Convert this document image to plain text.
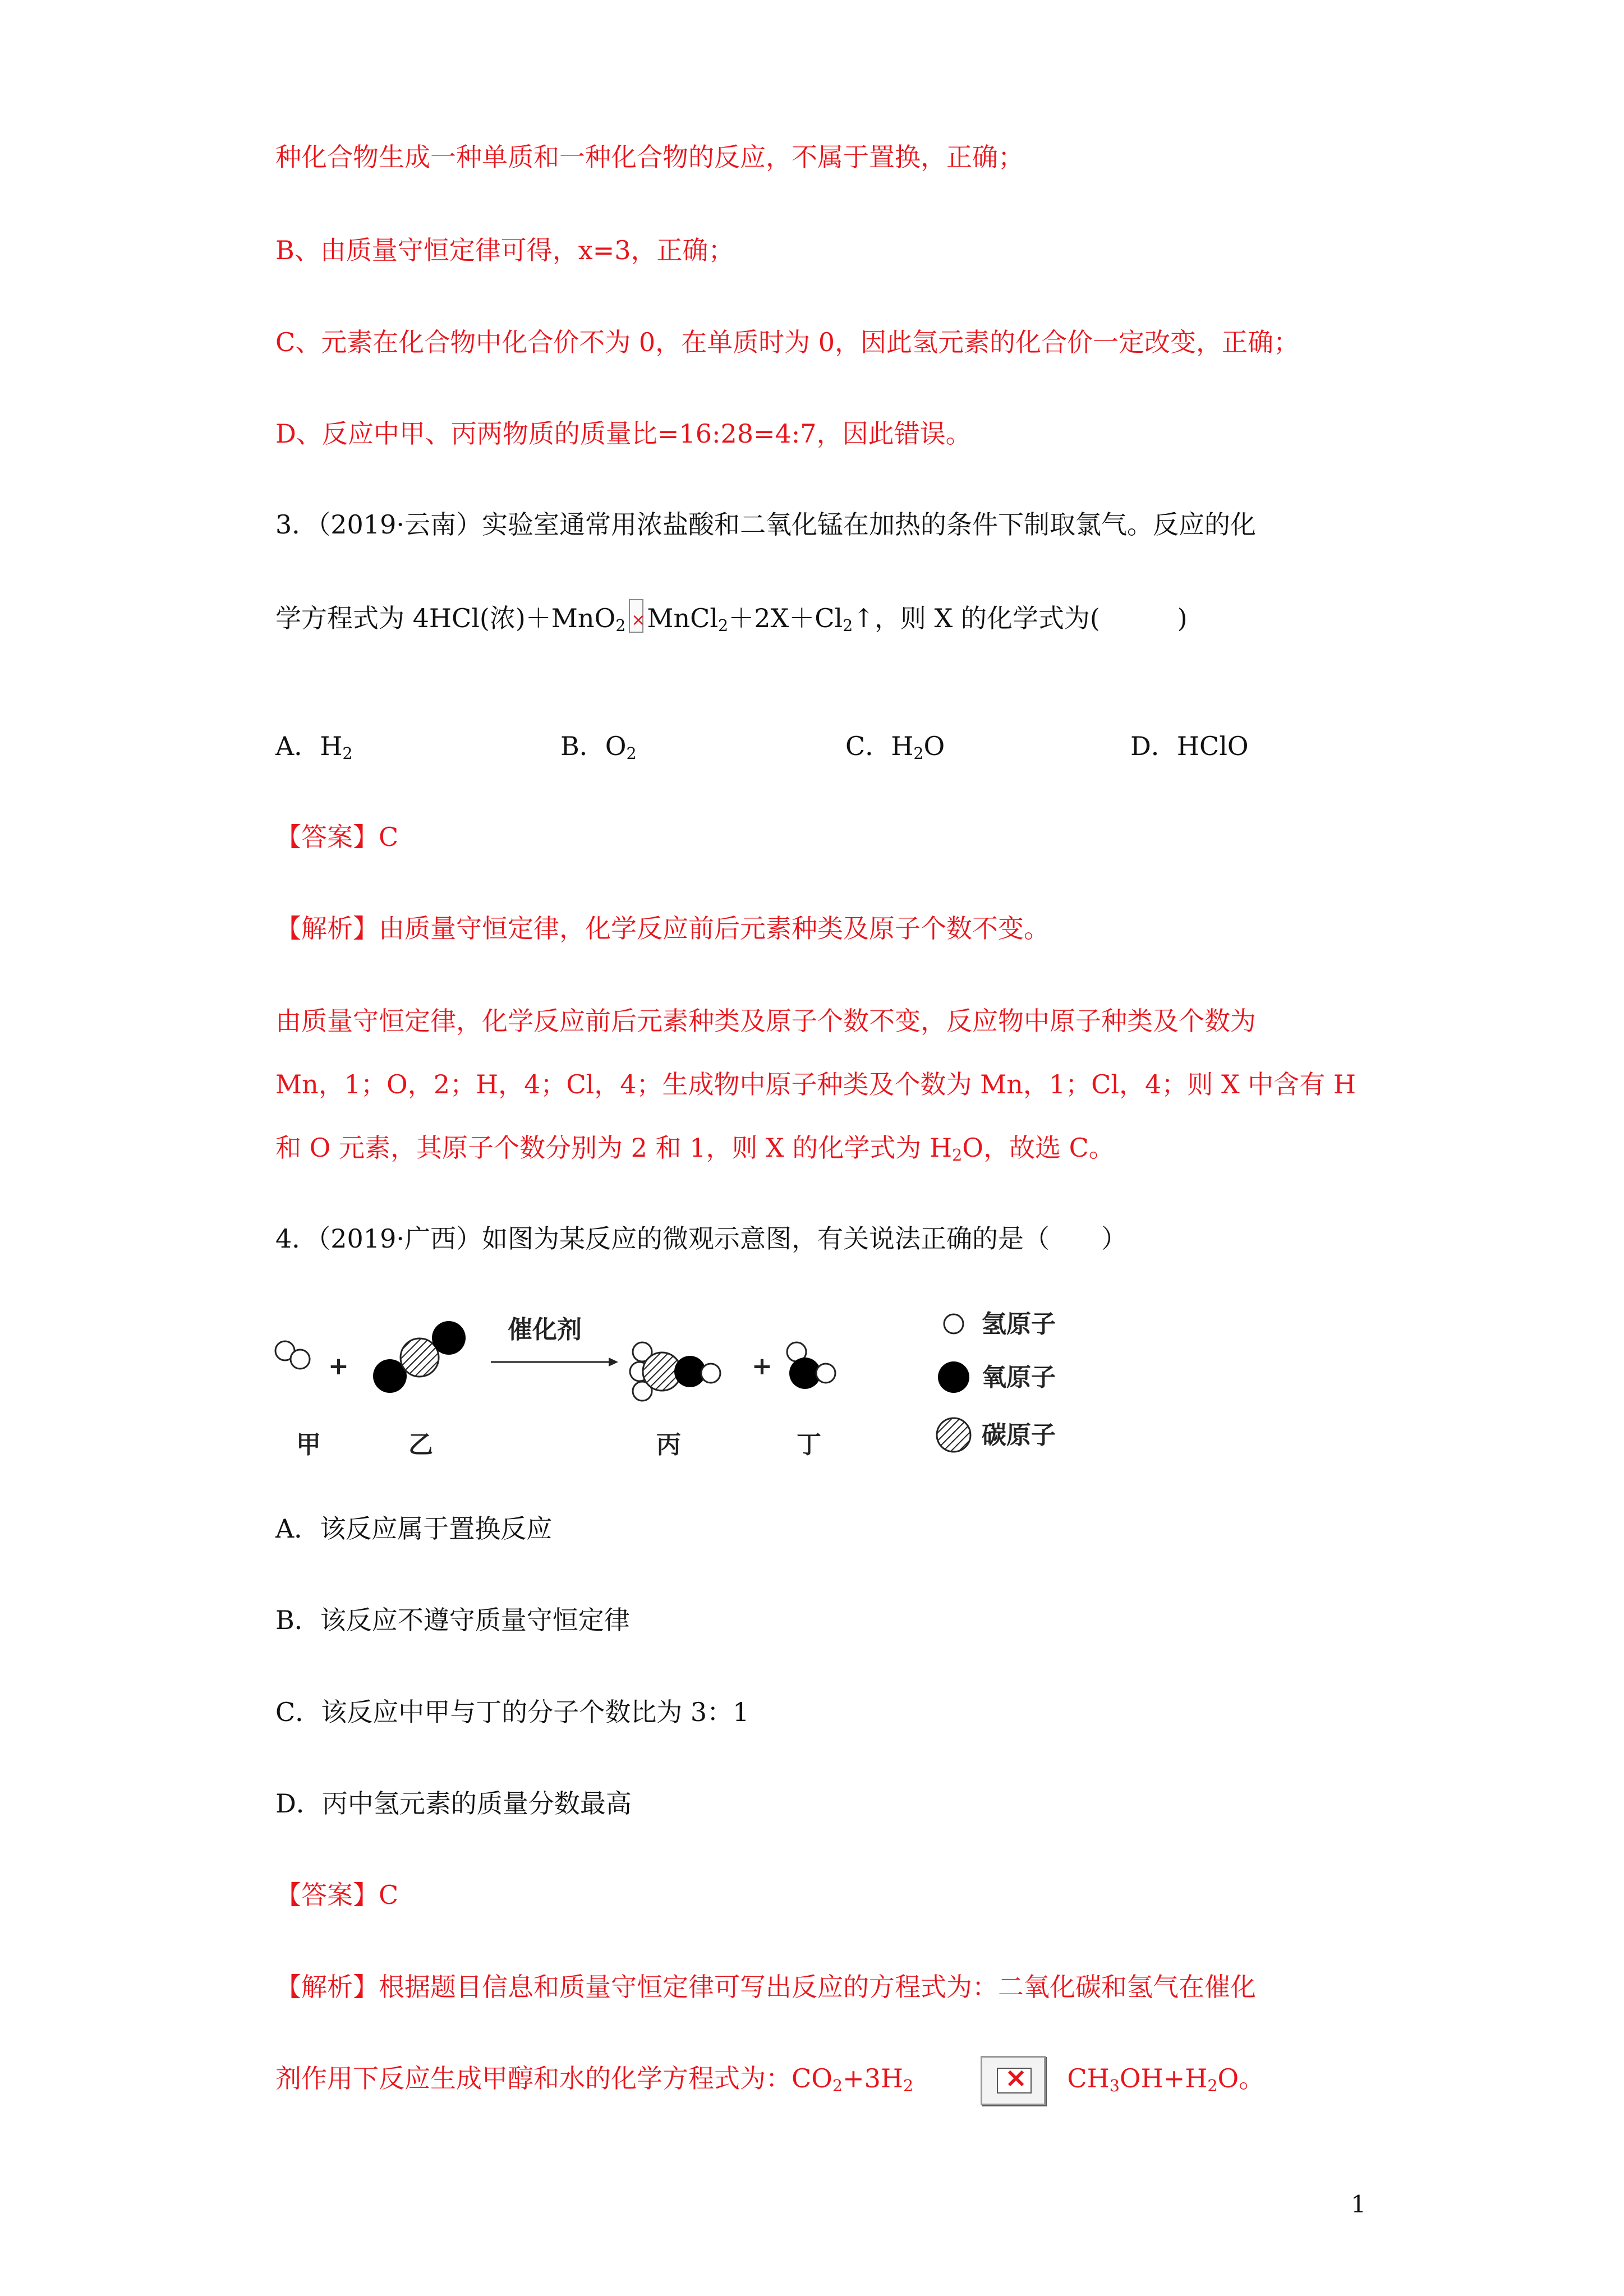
种化合物生成一种单质和一种化合物的反应，不属于置换，正确；
B、由质量守恒定律可得，x=3，正确；
C、元素在化合物中化合价不为 0，在单质时为 0，因此氢元素的化合价一定改变，正确；
D、反应中甲、丙两物质的质量比=16:28=4:7，因此错误。
3．（2019·云南）实验室通常用浓盐酸和二氧化锰在加热的条件下制取氯气。反应的化
学方程式为 4HCl(浓)$+MnO_2 \times MnCl_2+2X+Cl_2↑$，则 X 的化学式为(　　　)
A．$H_2$	B．$O_2$	C．$H_2O$	D．HClO
【答案】C
【解析】由质量守恒定律，化学反应前后元素种类及原子个数不变。
由质量守恒定律，化学反应前后元素种类及原子个数不变，反应物中原子种类及个数为
Mn，1；O，2；H，4；Cl，4；生成物中原子种类及个数为 Mn，1；Cl，4；则 X 中含有 H
和 O 元素，其原子个数分别为 2 和 1，则 X 的化学式为 $H_2O$，故选 C。
4．（2019·广西）如图为某反应的微观示意图，有关说法正确的是（　　）
+
催化剂
+
甲	乙	丙	丁
氢原子
氧原子
碳原子
A．该反应属于置换反应
B．该反应不遵守质量守恒定律
C．该反应中甲与丁的分子个数比为 3：1
D．丙中氢元素的质量分数最高
【答案】C
【解析】根据题目信息和质量守恒定律可写出反应的方程式为：二氧化碳和氢气在催化
剂作用下反应生成甲醇和水的化学方程式为：$CO_2+3H_2$	$CH_3OH+H_2O$。
×
1
